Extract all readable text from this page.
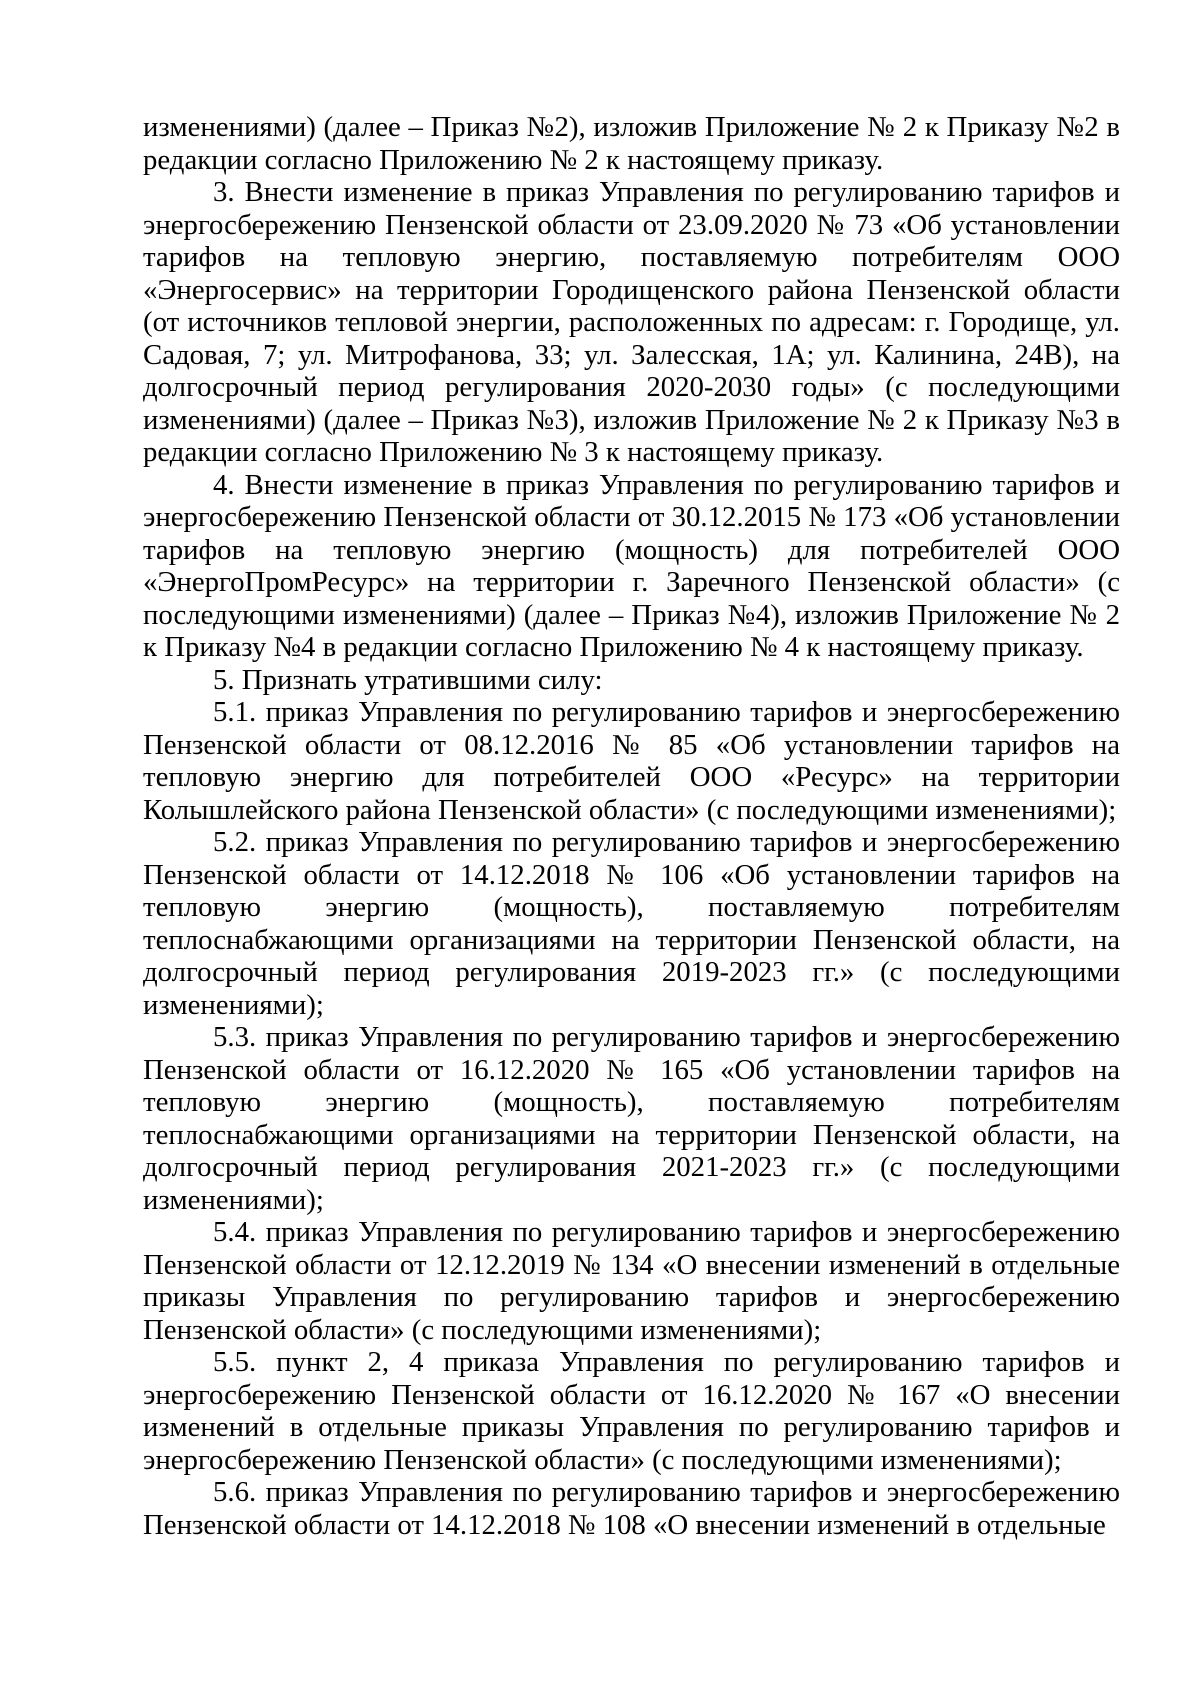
изменениями) (далее – Приказ №2), изложив Приложение № 2 к Приказу №2 в редакции согласно Приложению № 2 к настоящему приказу.

3. Внести изменение в приказ Управления по регулированию тарифов и энергосбережению Пензенской области от 23.09.2020 № 73 «Об установлении тарифов на тепловую энергию, поставляемую потребителям ООО «Энергосервис» на территории Городищенского района Пензенской области (от источников тепловой энергии, расположенных по адресам: г. Городище, ул. Садовая, 7; ул. Митрофанова, 33; ул. Залесская, 1А; ул. Калинина, 24В), на долгосрочный период регулирования 2020-2030 годы» (с последующими изменениями) (далее – Приказ №3), изложив Приложение № 2 к Приказу №3 в редакции согласно Приложению № 3 к настоящему приказу.

4. Внести изменение в приказ Управления по регулированию тарифов и энергосбережению Пензенской области от 30.12.2015 № 173 «Об установлении тарифов на тепловую энергию (мощность) для потребителей ООО «ЭнергоПромРесурс» на территории г. Заречного Пензенской области» (с последующими изменениями) (далее – Приказ №4), изложив Приложение № 2 к Приказу №4 в редакции согласно Приложению № 4 к настоящему приказу.

5. Признать утратившими силу:

5.1. приказ Управления по регулированию тарифов и энергосбережению Пензенской области от 08.12.2016 № 85 «Об установлении тарифов на тепловую энергию для потребителей ООО «Ресурс» на территории Колышлейского района Пензенской области» (с последующими изменениями);

5.2. приказ Управления по регулированию тарифов и энергосбережению Пензенской области от 14.12.2018 № 106 «Об установлении тарифов на тепловую энергию (мощность), поставляемую потребителям теплоснабжающими организациями на территории Пензенской области, на долгосрочный период регулирования 2019-2023 гг.» (с последующими изменениями);

5.3. приказ Управления по регулированию тарифов и энергосбережению Пензенской области от 16.12.2020 № 165 «Об установлении тарифов на тепловую энергию (мощность), поставляемую потребителям теплоснабжающими организациями на территории Пензенской области, на долгосрочный период регулирования 2021-2023 гг.» (с последующими изменениями);

5.4. приказ Управления по регулированию тарифов и энергосбережению Пензенской области от 12.12.2019 № 134 «О внесении изменений в отдельные приказы Управления по регулированию тарифов и энергосбережению Пензенской области» (с последующими изменениями);

5.5. пункт 2, 4 приказа Управления по регулированию тарифов и энергосбережению Пензенской области от 16.12.2020 № 167 «О внесении изменений в отдельные приказы Управления по регулированию тарифов и энергосбережению Пензенской области» (с последующими изменениями);

5.6. приказ Управления по регулированию тарифов и энергосбережению Пензенской области от 14.12.2018 № 108 «О внесении изменений в отдельные
